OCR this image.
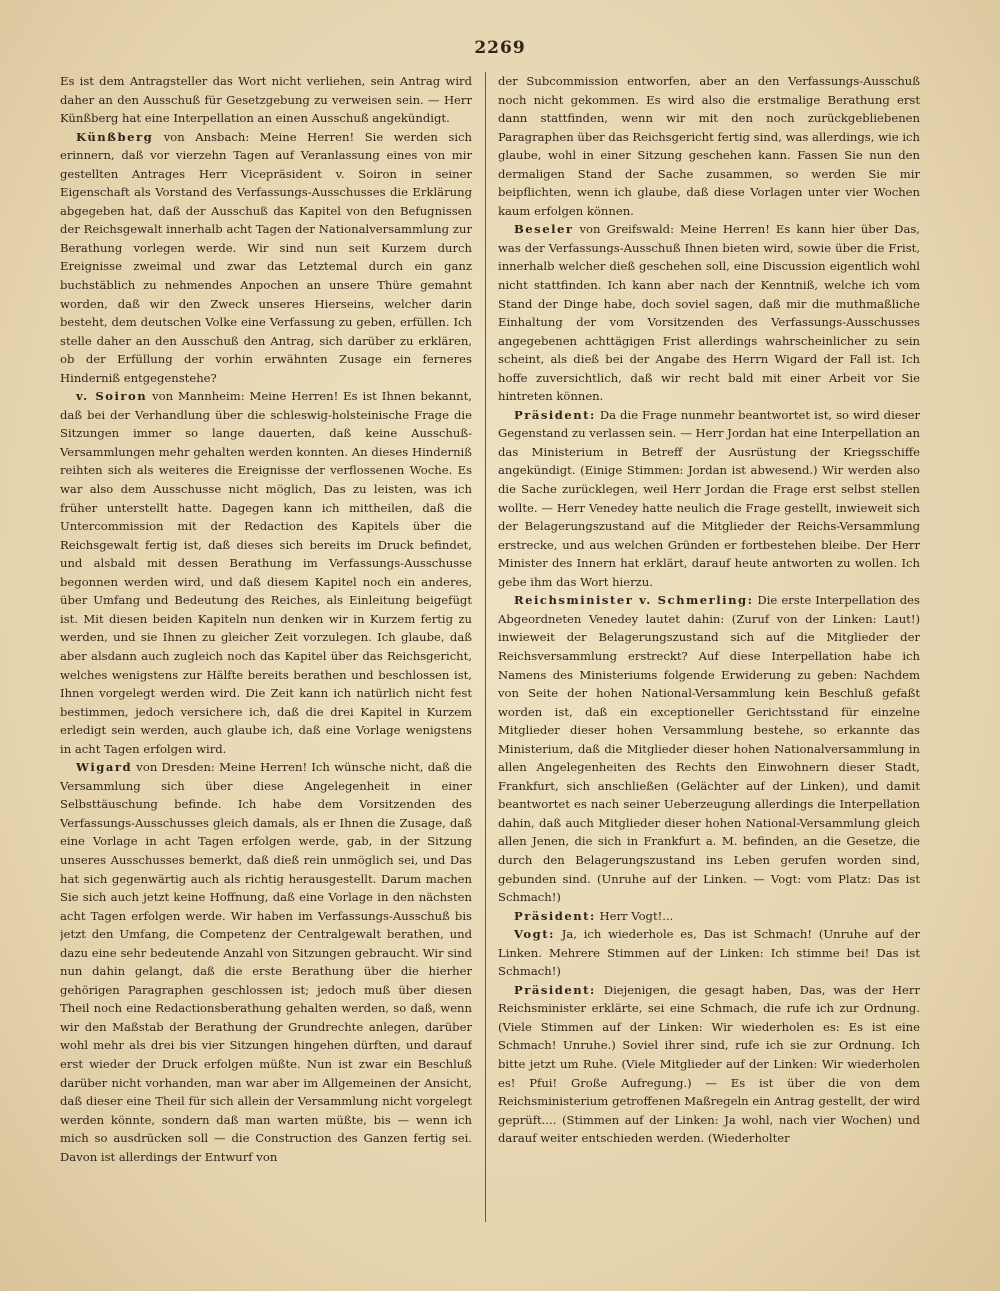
2269

Es ist dem Antragsteller das Wort nicht verliehen, sein Antrag wird daher an den Ausschuß für Gesetzgebung zu verweisen sein. — Herr Künßberg hat eine Interpellation an einen Ausschuß angekündigt.

Künßberg von Ansbach: Meine Herren! Sie werden sich erinnern, daß vor vierzehn Tagen auf Veranlassung eines von mir gestellten Antrages Herr Vicepräsident v. Soiron in seiner Eigenschaft als Vorstand des Verfassungs-Ausschusses die Erklärung abgegeben hat, daß der Ausschuß das Kapitel von den Befugnissen der Reichsgewalt innerhalb acht Tagen der Nationalversammlung zur Berathung vorlegen werde. Wir sind nun seit Kurzem durch Ereignisse zweimal und zwar das Letztemal durch ein ganz buchstäblich zu nehmendes Anpochen an unsere Thüre gemahnt worden, daß wir den Zweck unseres Hierseins, welcher darin besteht, dem deutschen Volke eine Verfassung zu geben, erfüllen. Ich stelle daher an den Ausschuß den Antrag, sich darüber zu erklären, ob der Erfüllung der vorhin erwähnten Zusage ein ferneres Hinderniß entgegenstehe?

v. Soiron von Mannheim: Meine Herren! Es ist Ihnen bekannt, daß bei der Verhandlung über die schleswig-holsteinische Frage die Sitzungen immer so lange dauerten, daß keine Ausschuß-Versammlungen mehr gehalten werden konnten. An dieses Hinderniß reihten sich als weiteres die Ereignisse der verflossenen Woche. Es war also dem Ausschusse nicht möglich, Das zu leisten, was ich früher unterstellt hatte. Dagegen kann ich mittheilen, daß die Untercommission mit der Redaction des Kapitels über die Reichsgewalt fertig ist, daß dieses sich bereits im Druck befindet, und alsbald mit dessen Berathung im Verfassungs-Ausschusse begonnen werden wird, und daß diesem Kapitel noch ein anderes, über Umfang und Bedeutung des Reiches, als Einleitung beigefügt ist. Mit diesen beiden Kapiteln nun denken wir in Kurzem fertig zu werden, und sie Ihnen zu gleicher Zeit vorzulegen. Ich glaube, daß aber alsdann auch zugleich noch das Kapitel über das Reichsgericht, welches wenigstens zur Hälfte bereits berathen und beschlossen ist, Ihnen vorgelegt werden wird. Die Zeit kann ich natürlich nicht fest bestimmen, jedoch versichere ich, daß die drei Kapitel in Kurzem erledigt sein werden, auch glaube ich, daß eine Vorlage wenigstens in acht Tagen erfolgen wird.

Wigard von Dresden: Meine Herren! Ich wünsche nicht, daß die Versammlung sich über diese Angelegenheit in einer Selbsttäuschung befinde. Ich habe dem Vorsitzenden des Verfassungs-Ausschusses gleich damals, als er Ihnen die Zusage, daß eine Vorlage in acht Tagen erfolgen werde, gab, in der Sitzung unseres Ausschusses bemerkt, daß dieß rein unmöglich sei, und Das hat sich gegenwärtig auch als richtig herausgestellt. Darum machen Sie sich auch jetzt keine Hoffnung, daß eine Vorlage in den nächsten acht Tagen erfolgen werde. Wir haben im Verfassungs-Ausschuß bis jetzt den Umfang, die Competenz der Centralgewalt berathen, und dazu eine sehr bedeutende Anzahl von Sitzungen gebraucht. Wir sind nun dahin gelangt, daß die erste Berathung über die hierher gehörigen Paragraphen geschlossen ist; jedoch muß über diesen Theil noch eine Redactionsberathung gehalten werden, so daß, wenn wir den Maßstab der Berathung der Grundrechte anlegen, darüber wohl mehr als drei bis vier Sitzungen hingehen dürften, und darauf erst wieder der Druck erfolgen müßte. Nun ist zwar ein Beschluß darüber nicht vorhanden, man war aber im Allgemeinen der Ansicht, daß dieser eine Theil für sich allein der Versammlung nicht vorgelegt werden könnte, sondern daß man warten müßte, bis — wenn ich mich so ausdrücken soll — die Construction des Ganzen fertig sei. Davon ist allerdings der Entwurf von

der Subcommission entworfen, aber an den Verfassungs-Ausschuß noch nicht gekommen. Es wird also die erstmalige Berathung erst dann stattfinden, wenn wir mit den noch zurückgebliebenen Paragraphen über das Reichsgericht fertig sind, was allerdings, wie ich glaube, wohl in einer Sitzung geschehen kann. Fassen Sie nun den dermaligen Stand der Sache zusammen, so werden Sie mir beipflichten, wenn ich glaube, daß diese Vorlagen unter vier Wochen kaum erfolgen können.

Beseler von Greifswald: Meine Herren! Es kann hier über Das, was der Verfassungs-Ausschuß Ihnen bieten wird, sowie über die Frist, innerhalb welcher dieß geschehen soll, eine Discussion eigentlich wohl nicht stattfinden. Ich kann aber nach der Kenntniß, welche ich vom Stand der Dinge habe, doch soviel sagen, daß mir die muthmaßliche Einhaltung der vom Vorsitzenden des Verfassungs-Ausschusses angegebenen achttägigen Frist allerdings wahrscheinlicher zu sein scheint, als dieß bei der Angabe des Herrn Wigard der Fall ist. Ich hoffe zuversichtlich, daß wir recht bald mit einer Arbeit vor Sie hintreten können.

Präsident: Da die Frage nunmehr beantwortet ist, so wird dieser Gegenstand zu verlassen sein. — Herr Jordan hat eine Interpellation an das Ministerium in Betreff der Ausrüstung der Kriegsschiffe angekündigt. (Einige Stimmen: Jordan ist abwesend.) Wir werden also die Sache zurücklegen, weil Herr Jordan die Frage erst selbst stellen wollte. — Herr Venedey hatte neulich die Frage gestellt, inwieweit sich der Belagerungszustand auf die Mitglieder der Reichs-Versammlung erstrecke, und aus welchen Gründen er fortbestehen bleibe. Der Herr Minister des Innern hat erklärt, darauf heute antworten zu wollen. Ich gebe ihm das Wort hierzu.

Reichsminister v. Schmerling: Die erste Interpellation des Abgeordneten Venedey lautet dahin: (Zuruf von der Linken: Laut!) inwieweit der Belagerungszustand sich auf die Mitglieder der Reichsversammlung erstreckt? Auf diese Interpellation habe ich Namens des Ministeriums folgende Erwiderung zu geben: Nachdem von Seite der hohen National-Versammlung kein Beschluß gefaßt worden ist, daß ein exceptioneller Gerichtsstand für einzelne Mitglieder dieser hohen Versammlung bestehe, so erkannte das Ministerium, daß die Mitglieder dieser hohen Nationalversammlung in allen Angelegenheiten des Rechts den Einwohnern dieser Stadt, Frankfurt, sich anschließen (Gelächter auf der Linken), und damit beantwortet es nach seiner Ueberzeugung allerdings die Interpellation dahin, daß auch Mitglieder dieser hohen National-Versammlung gleich allen Jenen, die sich in Frankfurt a. M. befinden, an die Gesetze, die durch den Belagerungszustand ins Leben gerufen worden sind, gebunden sind. (Unruhe auf der Linken. — Vogt: vom Platz: Das ist Schmach!)

Präsident: Herr Vogt!...

Vogt: Ja, ich wiederhole es, Das ist Schmach! (Unruhe auf der Linken. Mehrere Stimmen auf der Linken: Ich stimme bei! Das ist Schmach!)

Präsident: Diejenigen, die gesagt haben, Das, was der Herr Reichsminister erklärte, sei eine Schmach, die rufe ich zur Ordnung. (Viele Stimmen auf der Linken: Wir wiederholen es: Es ist eine Schmach! Unruhe.) Soviel ihrer sind, rufe ich sie zur Ordnung. Ich bitte jetzt um Ruhe. (Viele Mitglieder auf der Linken: Wir wiederholen es! Pfui! Große Aufregung.) — Es ist über die von dem Reichsministerium getroffenen Maßregeln ein Antrag gestellt, der wird geprüft.... (Stimmen auf der Linken: Ja wohl, nach vier Wochen) und darauf weiter entschieden werden. (Wiederholter
